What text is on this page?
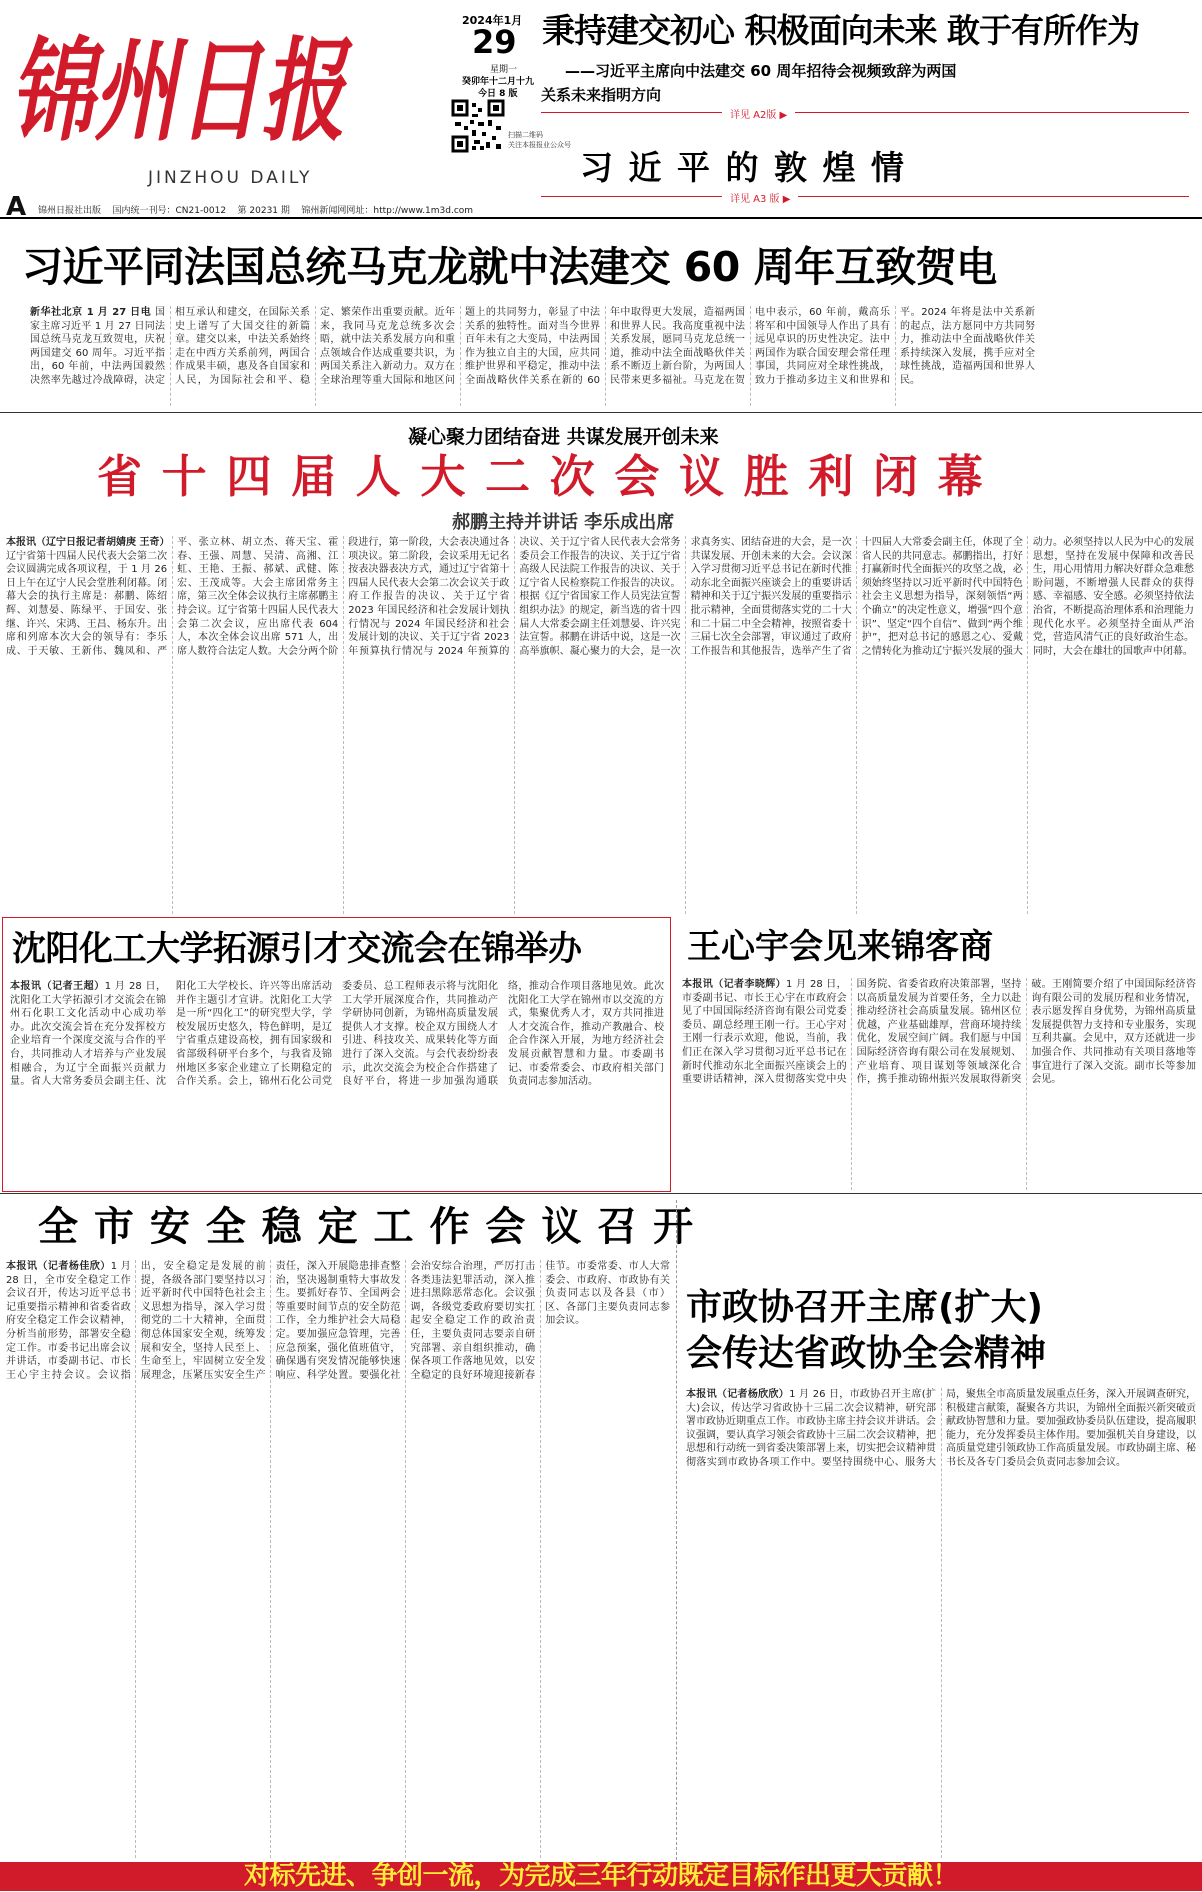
锦州日报
JINZHOU DAILY
2024年1月
29
星期一
癸卯年十二月十九
今日 8 版
扫描二维码
关注本报报业公众号
秉持建交初心 积极面向未来 敢于有所作为
——习近平主席向中法建交 60 周年招待会视频致辞为两国
关系未来指明方向
详见 A2版 ▶
习 近 平 的 敦 煌 情
详见 A3 版 ▶
A 锦州日报社出版 国内统一刊号：CN21-0012 第 20231 期 锦州新闻网网址：http://www.1m3d.com
习近平同法国总统马克龙就中法建交 60 周年互致贺电
新华社北京 1 月 27 日电 国家主席习近平 1 月 27 日同法国总统马克龙互致贺电，庆祝两国建交 60 周年。习近平指出，60 年前，中法两国毅然决然率先越过冷战障碍，决定相互承认和建交，在国际关系史上谱写了大国交往的新篇章。建交以来，中法关系始终走在中西方关系前列，两国合作成果丰硕，惠及各自国家和人民，为国际社会和平、稳定、繁荣作出重要贡献。近年来，我同马克龙总统多次会晤，就中法关系发展方向和重点领域合作达成重要共识，为两国关系注入新动力。双方在全球治理等重大国际和地区问题上的共同努力，彰显了中法关系的独特性。面对当今世界百年未有之大变局，中法两国作为独立自主的大国，应共同维护世界和平稳定，推动中法全面战略伙伴关系在新的 60 年中取得更大发展，造福两国和世界人民。我高度重视中法关系发展，愿同马克龙总统一道，推动中法全面战略伙伴关系不断迈上新台阶，为两国人民带来更多福祉。马克龙在贺电中表示，60 年前，戴高乐将军和中国领导人作出了具有远见卓识的历史性决定。法中两国作为联合国安理会常任理事国，共同应对全球性挑战，致力于推动多边主义和世界和平。2024 年将是法中关系新的起点，法方愿同中方共同努力，推动法中全面战略伙伴关系持续深入发展，携手应对全球性挑战，造福两国和世界人民。
凝心聚力团结奋进 共谋发展开创未来
省 十 四 届 人 大 二 次 会 议 胜 利 闭 幕
郝鹏主持并讲话 李乐成出席
本报讯（辽宁日报记者胡婧庚 王奇）辽宁省第十四届人民代表大会第二次会议圆满完成各项议程，于 1 月 26 日上午在辽宁人民会堂胜利闭幕。闭幕大会的执行主席是：郝鹏、陈绍辉、刘慧晏、陈绿平、于国安、张继、许兴、宋鸿、王昌、杨东升。出席和列席本次大会的领导有：李乐成、于天敏、王新伟、魏凤和、严平、张立林、胡立杰、蒋天宝、霍春、王强、周慧、吴清、高湘、江虹、王艳、王振、郝斌、武健、陈宏、王茂成等。大会主席团常务主席，第三次全体会议执行主席郝鹏主持会议。辽宁省第十四届人民代表大会第二次会议，应出席代表 604 人，本次全体会议出席 571 人，出席人数符合法定人数。大会分两个阶段进行，第一阶段，大会表决通过各项决议。第二阶段，会议采用无记名按表决器表决方式，通过辽宁省第十四届人民代表大会第二次会议关于政府工作报告的决议、关于辽宁省 2023 年国民经济和社会发展计划执行情况与 2024 年国民经济和社会发展计划的决议、关于辽宁省 2023 年预算执行情况与 2024 年预算的决议、关于辽宁省人民代表大会常务委员会工作报告的决议、关于辽宁省高级人民法院工作报告的决议、关于辽宁省人民检察院工作报告的决议。根据《辽宁省国家工作人员宪法宣誓组织办法》的规定，新当选的省十四届人大常委会副主任刘慧晏、许兴宪法宣誓。郝鹏在讲话中说，这是一次高举旗帜、凝心聚力的大会，是一次求真务实、团结奋进的大会，是一次共谋发展、开创未来的大会。会议深入学习贯彻习近平总书记在新时代推动东北全面振兴座谈会上的重要讲话精神和关于辽宁振兴发展的重要指示批示精神，全面贯彻落实党的二十大和二十届二中全会精神，按照省委十三届七次全会部署，审议通过了政府工作报告和其他报告，选举产生了省十四届人大常委会副主任，体现了全省人民的共同意志。郝鹏指出，打好打赢新时代全面振兴的攻坚之战，必须始终坚持以习近平新时代中国特色社会主义思想为指导，深刻领悟“两个确立”的决定性意义，增强“四个意识”、坚定“四个自信”、做到“两个维护”，把对总书记的感恩之心、爱戴之情转化为推动辽宁振兴发展的强大动力。必须坚持以人民为中心的发展思想，坚持在发展中保障和改善民生，用心用情用力解决好群众急难愁盼问题，不断增强人民群众的获得感、幸福感、安全感。必须坚持依法治省，不断提高治理体系和治理能力现代化水平。必须坚持全面从严治党，营造风清气正的良好政治生态。同时，大会在雄壮的国歌声中闭幕。
沈阳化工大学拓源引才交流会在锦举办
本报讯（记者王超）1 月 28 日，沈阳化工大学拓源引才交流会在锦州石化职工文化活动中心成功举办。此次交流会旨在充分发挥校方企业培育一个深度交流与合作的平台，共同推动人才培养与产业发展相融合，为辽宁全面振兴贡献力量。省人大常务委员会副主任、沈阳化工大学校长、许兴等出席活动并作主题引才宣讲。沈阳化工大学是一所“四化工”的研究型大学，学校发展历史悠久，特色鲜明，是辽宁省重点建设高校，拥有国家级和省部级科研平台多个，与我省及锦州地区多家企业建立了长期稳定的合作关系。会上，锦州石化公司党委委员、总工程师表示将与沈阳化工大学开展深度合作，共同推动产学研协同创新，为锦州高质量发展提供人才支撑。校企双方围绕人才引进、科技攻关、成果转化等方面进行了深入交流。与会代表纷纷表示，此次交流会为校企合作搭建了良好平台，将进一步加强沟通联络，推动合作项目落地见效。此次沈阳化工大学在锦州市以交流的方式，集聚优秀人才，双方共同推进人才交流合作，推动产教融合、校企合作深入开展，为地方经济社会发展贡献智慧和力量。市委副书记、市委常委会、市政府相关部门负责同志参加活动。
王心宇会见来锦客商
本报讯（记者李晓辉）1 月 28 日，市委副书记、市长王心宇在市政府会见了中国国际经济咨询有限公司党委委员、副总经理王刚一行。王心宇对王刚一行表示欢迎，他说，当前，我们正在深入学习贯彻习近平总书记在新时代推动东北全面振兴座谈会上的重要讲话精神，深入贯彻落实党中央国务院、省委省政府决策部署，坚持以高质量发展为首要任务，全力以赴推动经济社会高质量发展。锦州区位优越，产业基础雄厚，营商环境持续优化，发展空间广阔。我们愿与中国国际经济咨询有限公司在发展规划、产业培育、项目谋划等领域深化合作，携手推动锦州振兴发展取得新突破。王刚简要介绍了中国国际经济咨询有限公司的发展历程和业务情况，表示愿发挥自身优势，为锦州高质量发展提供智力支持和专业服务，实现互利共赢。会见中，双方还就进一步加强合作、共同推动有关项目落地等事宜进行了深入交流。副市长等参加会见。
全 市 安 全 稳 定 工 作 会 议 召 开
本报讯（记者杨佳欣）1 月 28 日，全市安全稳定工作会议召开，传达习近平总书记重要指示精神和省委省政府安全稳定工作会议精神，分析当前形势，部署安全稳定工作。市委书记出席会议并讲话，市委副书记、市长王心宇主持会议。会议指出，安全稳定是发展的前提，各级各部门要坚持以习近平新时代中国特色社会主义思想为指导，深入学习贯彻党的二十大精神，全面贯彻总体国家安全观，统筹发展和安全，坚持人民至上、生命至上，牢固树立安全发展理念，压紧压实安全生产责任，深入开展隐患排查整治，坚决遏制重特大事故发生。要抓好春节、全国两会等重要时间节点的安全防范工作，全力维护社会大局稳定。要加强应急管理，完善应急预案，强化值班值守，确保遇有突发情况能够快速响应、科学处置。要强化社会治安综合治理，严厉打击各类违法犯罪活动，深入推进扫黑除恶常态化。会议强调，各级党委政府要切实扛起安全稳定工作的政治责任，主要负责同志要亲自研究部署、亲自组织推动，确保各项工作落地见效，以安全稳定的良好环境迎接新春佳节。市委常委、市人大常委会、市政府、市政协有关负责同志以及各县（市）区、各部门主要负责同志参加会议。	市政协召开主席(扩大)
会传达省政协全会精神
本报讯（记者杨欣欣）1 月 26 日，市政协召开主席(扩大)会议，传达学习省政协十三届二次会议精神，研究部署市政协近期重点工作。市政协主席主持会议并讲话。会议强调，要认真学习领会省政协十三届二次会议精神，把思想和行动统一到省委决策部署上来，切实把会议精神贯彻落实到市政协各项工作中。要坚持围绕中心、服务大局，聚焦全市高质量发展重点任务，深入开展调查研究，积极建言献策，凝聚各方共识，为锦州全面振兴新突破贡献政协智慧和力量。要加强政协委员队伍建设，提高履职能力，充分发挥委员主体作用。要加强机关自身建设，以高质量党建引领政协工作高质量发展。市政协副主席、秘书长及各专门委员会负责同志参加会议。
对标先进、争创一流，为完成三年行动既定目标作出更大贡献！
